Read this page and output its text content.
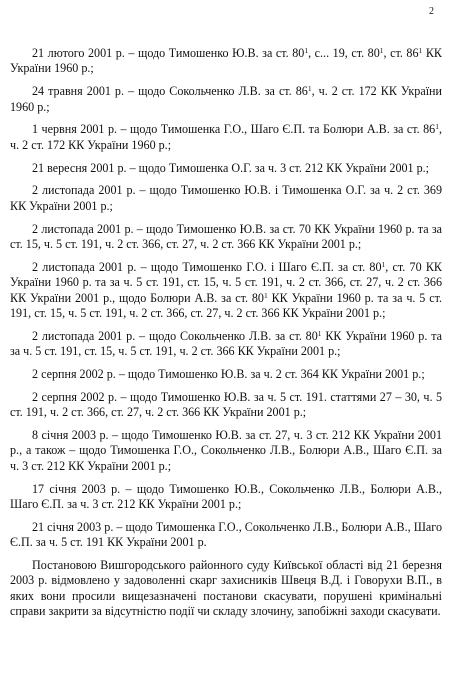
2

21 лютого 2001 р. – щодо Тимошенко Ю.В. за ст. $80^1$, с... 19, ст. $80^1$, ст. $86^1$ КК України 1960 р.;

24 травня 2001 р. – щодо Сокольченко Л.В. за ст. $86^1$, ч. 2 ст. 172 КК України 1960 р.;

1 червня 2001 р. – щодо Тимошенка Г.О., Шаго Є.П. та Болюри А.В. за ст. $86^1$, ч. 2 ст. 172 КК України 1960 р.;

21 вересня 2001 р. – щодо Тимошенка О.Г. за ч. 3 ст. 212 КК України 2001 р.;

2 листопада 2001 р. – щодо Тимошенко Ю.В. і Тимошенка О.Г. за ч. 2 ст. 369 КК України 2001 р.;

2 листопада 2001 р. – щодо Тимошенко Ю.В. за ст. 70 КК України 1960 р. та за ст. 15, ч. 5 ст. 191, ч. 2 ст. 366, ст. 27, ч. 2 ст. 366 КК України 2001 р.;

2 листопада 2001 р. – щодо Тимошенко Г.О. і Шаго Є.П. за ст. $80^1$, ст. 70 КК України 1960 р. та за ч. 5 ст. 191, ст. 15, ч. 5 ст. 191, ч. 2 ст. 366, ст. 27, ч. 2 ст. 366 КК України 2001 р., щодо Болюри А.В. за ст. $80^1$ КК України 1960 р. та за ч. 5 ст. 191, ст. 15, ч. 5 ст. 191, ч. 2 ст. 366, ст. 27, ч. 2 ст. 366 КК України 2001 р.;

2 листопада 2001 р. – щодо Сокольченко Л.В. за ст. $80^1$ КК України 1960 р. та за ч. 5 ст. 191, ст. 15, ч. 5 ст. 191, ч. 2 ст. 366 КК України 2001 р.;

2 серпня 2002 р. – щодо Тимошенко Ю.В. за ч. 2 ст. 364 КК України 2001 р.;

2 серпня 2002 р. – щодо Тимошенко Ю.В. за ч. 5 ст. 191. статтями 27 – 30, ч. 5 ст. 191, ч. 2 ст. 366, ст. 27, ч. 2 ст. 366 КК України 2001 р.;

8 січня 2003 р. – щодо Тимошенко Ю.В. за ст. 27, ч. 3 ст. 212 КК України 2001 р., а також – щодо Тимошенка Г.О., Сокольченко Л.В., Болюри А.В., Шаго Є.П. за ч. 3 ст. 212 КК України 2001 р.;

17 січня 2003 р. – щодо Тимошенко Ю.В., Сокольченко Л.В., Болюри А.В., Шаго Є.П. за ч. 3 ст. 212 КК України 2001 р.;

21 січня 2003 р. – щодо Тимошенка Г.О., Сокольченко Л.В., Болюри А.В., Шаго Є.П. за ч. 5 ст. 191 КК України 2001 р.

Постановою Вишгородського районного суду Київської області від 21 березня 2003 р. відмовлено у задоволенні скарг захисників Швеця В.Д. і Говорухи В.П., в яких вони просили вищезазначені постанови скасувати, порушені кримінальні справи закрити за відсутністю події чи складу злочину, запобіжні заходи скасувати.
